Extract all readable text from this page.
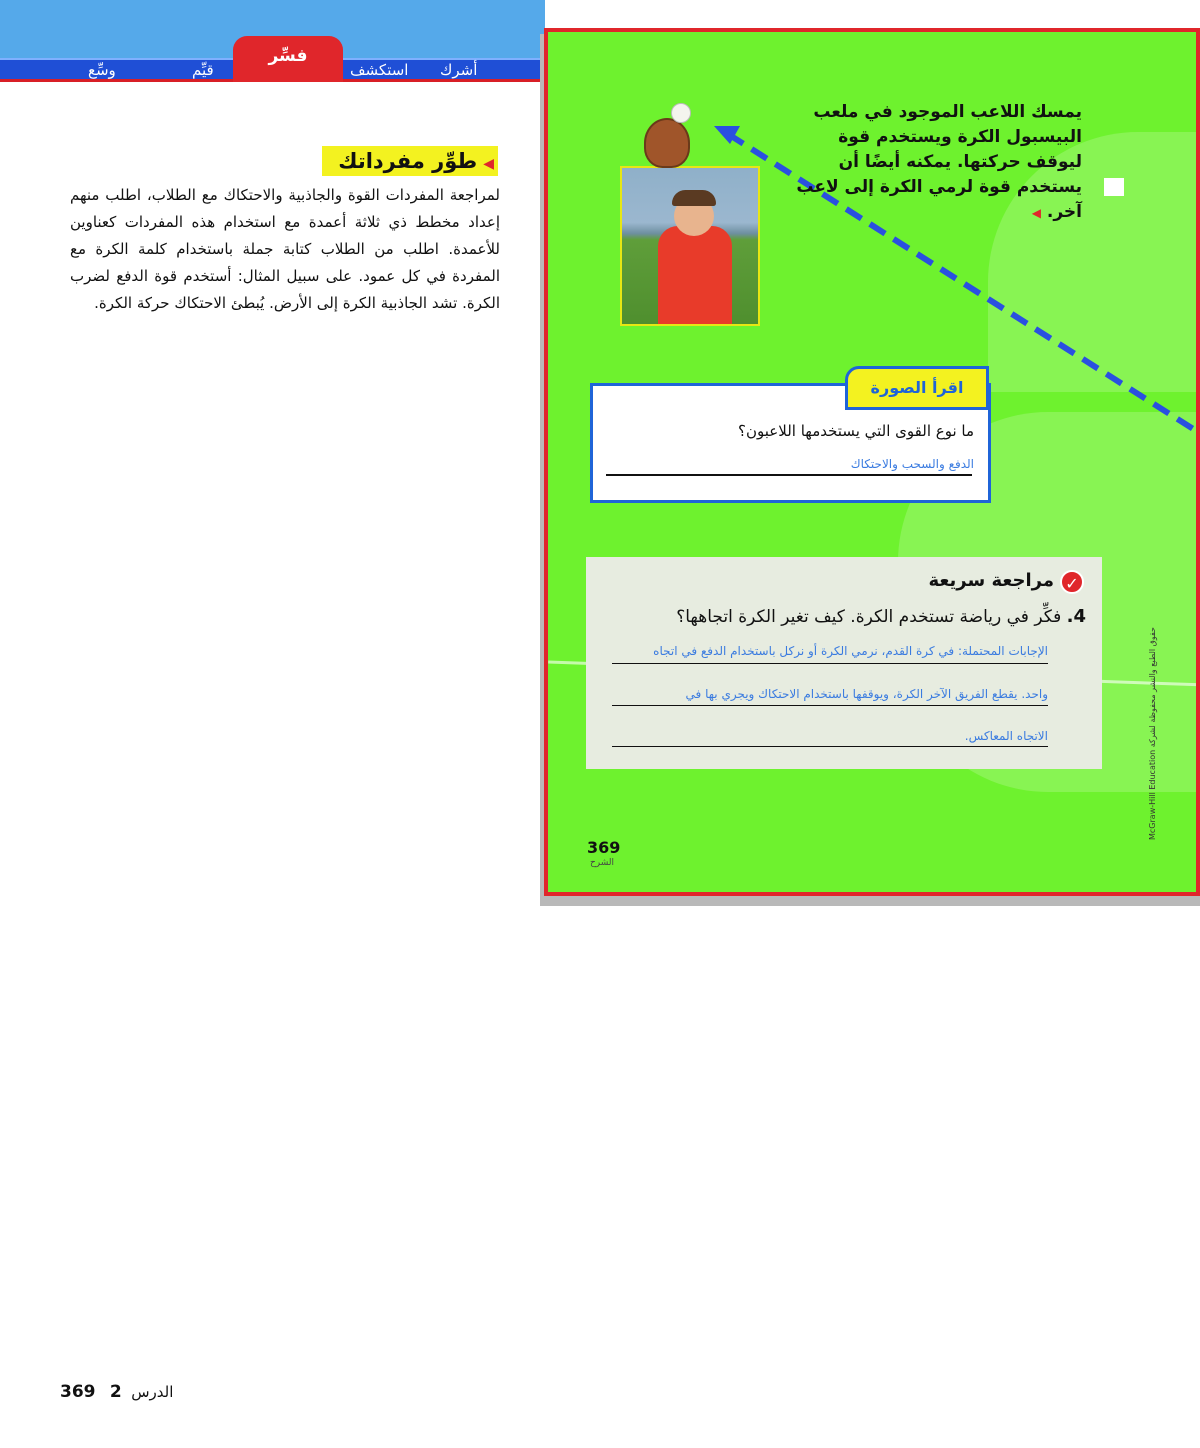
أشرك
استكشف
فسِّر
قيِّم
وسِّع
◀طوِّر مفرداتك
لمراجعة المفردات القوة والجاذبية والاحتكاك مع الطلاب، اطلب منهم إعداد مخطط ذي ثلاثة أعمدة مع استخدام هذه المفردات كعناوين للأعمدة. اطلب من الطلاب كتابة جملة باستخدام كلمة الكرة مع المفردة في كل عمود. على سبيل المثال: أستخدم قوة الدفع لضرب الكرة. تشد الجاذبية الكرة إلى الأرض. يُبطئ الاحتكاك حركة الكرة.
يمسك اللاعب الموجود في ملعب البيسبول الكرة ويستخدم قوة ليوقف حركتها. يمكنه أيضًا أن يستخدم قوة لرمي الكرة إلى لاعب آخر. ◀
اقرأ الصورة
ما نوع القوى التي يستخدمها اللاعبون؟
الدفع والسحب والاحتكاك
✓
مراجعة سريعة
4. فكِّر في رياضة تستخدم الكرة. كيف تغير الكرة اتجاهها؟
الإجابات المحتملة: في كرة القدم، نرمي الكرة أو نركل باستخدام الدفع في اتجاه
واحد. يقطع الفريق الآخر الكرة، ويوقفها باستخدام الاحتكاك ويجري بها في
الاتجاه المعاكس.
369
الشرح
McGraw-Hill Education حقوق الطبع والنشر محفوظة لشركة
369 2 الدرس
